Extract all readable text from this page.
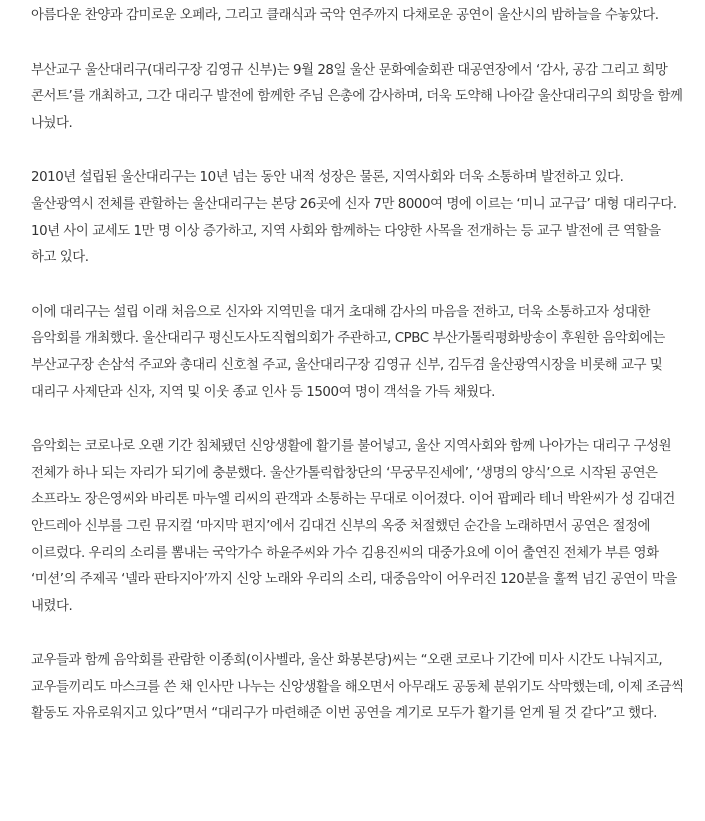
아름다운 찬양과 감미로운 오페라, 그리고 클래식과 국악 연주까지 다채로운 공연이 울산시의 밤하늘을 수놓았다.

부산교구 울산대리구(대리구장 김영규 신부)는 9월 28일 울산 문화예술회관 대공연장에서 ‘감사, 공감 그리고 희망 콘서트’를 개최하고, 그간 대리구 발전에 함께한 주님 은총에 감사하며, 더욱 도약해 나아갈 울산대리구의 희망을 함께 나눴다.

2010년 설립된 울산대리구는 10년 넘는 동안 내적 성장은 물론, 지역사회와 더욱 소통하며 발전하고 있다. 울산광역시 전체를 관할하는 울산대리구는 본당 26곳에 신자 7만 8000여 명에 이르는 ‘미니 교구급’ 대형 대리구다. 10년 사이 교세도 1만 명 이상 증가하고, 지역 사회와 함께하는 다양한 사목을 전개하는 등 교구 발전에 큰 역할을 하고 있다.

이에 대리구는 설립 이래 처음으로 신자와 지역민을 대거 초대해 감사의 마음을 전하고, 더욱 소통하고자 성대한 음악회를 개최했다. 울산대리구 평신도사도직협의회가 주관하고, CPBC 부산가톨릭평화방송이 후원한 음악회에는 부산교구장 손삼석 주교와 총대리 신호철 주교, 울산대리구장 김영규 신부, 김두겸 울산광역시장을 비롯해 교구 및 대리구 사제단과 신자, 지역 및 이웃 종교 인사 등 1500여 명이 객석을 가득 채웠다.

음악회는 코로나로 오랜 기간 침체됐던 신앙생활에 활기를 불어넣고, 울산 지역사회와 함께 나아가는 대리구 구성원 전체가 하나 되는 자리가 되기에 충분했다. 울산가톨릭합창단의 ‘무궁무진세에’, ‘생명의 양식’으로 시작된 공연은 소프라노 장은영씨와 바리톤 마누엘 리씨의 관객과 소통하는 무대로 이어졌다. 이어 팝페라 테너 박완씨가 성 김대건 안드레아 신부를 그린 뮤지컬 ‘마지막 편지’에서 김대건 신부의 옥중 처절했던 순간을 노래하면서 공연은 절정에 이르렀다. 우리의 소리를 뽐내는 국악가수 하윤주씨와 가수 김용진씨의 대중가요에 이어 출연진 전체가 부른 영화 ‘미션’의 주제곡 ‘넬라 판타지아’까지 신앙 노래와 우리의 소리, 대중음악이 어우러진 120분을 훌쩍 넘긴 공연이 막을 내렸다.

교우들과 함께 음악회를 관람한 이종희(이사벨라, 울산 화봉본당)씨는 “오랜 코로나 기간에 미사 시간도 나눠지고, 교우들끼리도 마스크를 쓴 채 인사만 나누는 신앙생활을 해오면서 아무래도 공동체 분위기도 삭막했는데, 이제 조금씩 활동도 자유로워지고 있다”면서 “대리구가 마련해준 이번 공연을 계기로 모두가 활기를 얻게 될 것 같다”고 했다.
